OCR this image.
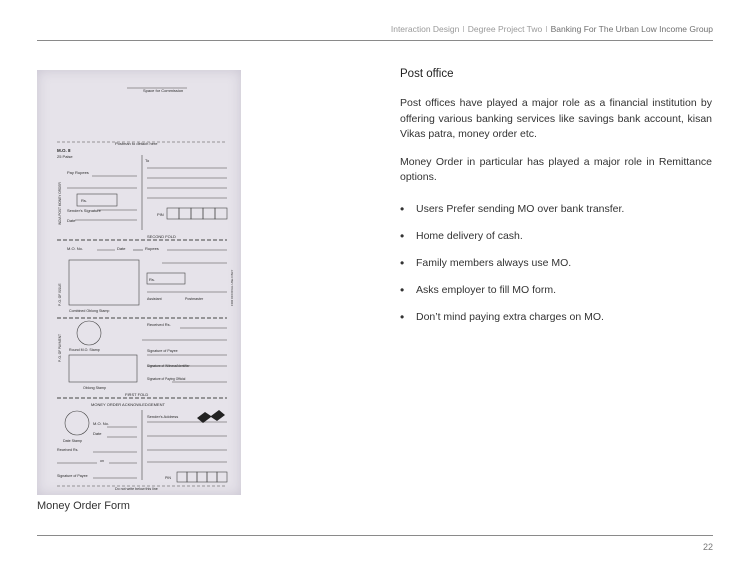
Interaction Design I Degree Project Two I Banking For The Urban Low Income Group
Space for Commission
Postman to detach here
M.O. 8
25 Paise
To
INDIA POST MONEY ORDER
Pay Rupees
Rs.
Sender's Signature
Date
PIN
SECOND FOLD
M.O. No.	Date	Rupees
P. O. OF ISSUE	FOR OFFICIAL USE ONLY
Rs.
Combined Oblong Stamp
Assistant	Postmaster
Received Rs.
P. O. OF PAYMENT Round M.O. Stamp	Signature of Payee
Signature of Witness/Identifier
Signature of Paying Official
Oblong Stamp
FIRST FOLD
MONEY ORDER ACKNOWLEDGEMENT
Sender's Address
M.O. No.
Date
Date Stamp
Received Rs.
on
Signature of Payee	PIN
Do not write below this line
Money Order Form
Post office

Post offices have played a major role as a financial institution by offering various banking services like savings bank account, kisan Vikas patra, money order etc.

Money Order in particular has played a major role in Remittance options.

• Users Prefer sending MO over bank transfer.
• Home delivery of cash.
• Family members always use MO.
• Asks employer to fill MO form.
• Don’t mind paying extra charges on MO.
22
